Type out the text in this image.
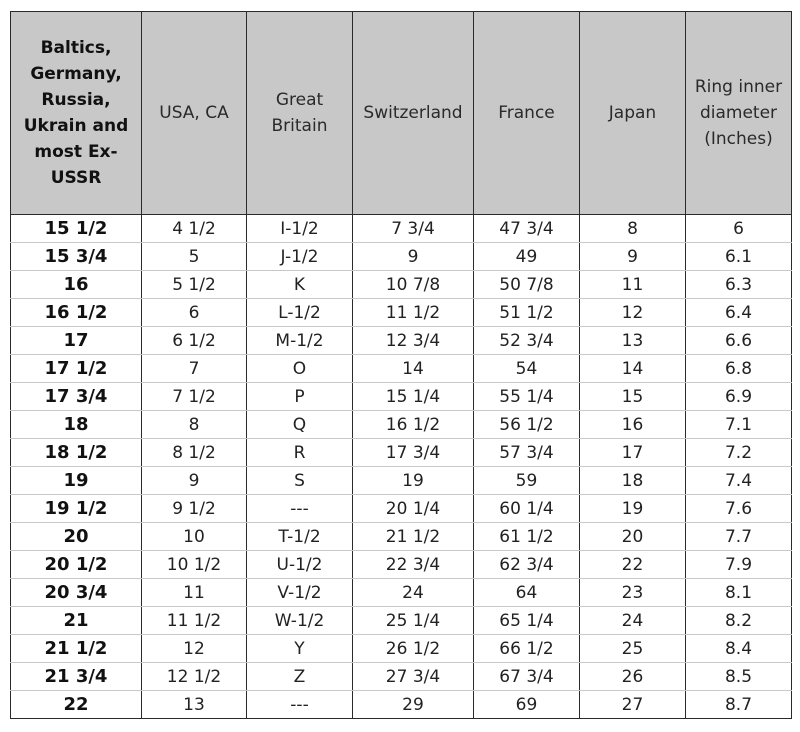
Baltics, Germany, Russia, Ukrain and most Ex-USSR	USA, CA	Great Britain	Switzerland	France	Japan	Ring inner diameter (Inches)
15 1/2	4 1/2	I-1/2	7 3/4	47 3/4	8	6
15 3/4	5	J-1/2	9	49	9	6.1
16	5 1/2	K	10 7/8	50 7/8	11	6.3
16 1/2	6	L-1/2	11 1/2	51 1/2	12	6.4
17	6 1/2	M-1/2	12 3/4	52 3/4	13	6.6
17 1/2	7	O	14	54	14	6.8
17 3/4	7 1/2	P	15 1/4	55 1/4	15	6.9
18	8	Q	16 1/2	56 1/2	16	7.1
18 1/2	8 1/2	R	17 3/4	57 3/4	17	7.2
19	9	S	19	59	18	7.4
19 1/2	9 1/2	---	20 1/4	60 1/4	19	7.6
20	10	T-1/2	21 1/2	61 1/2	20	7.7
20 1/2	10 1/2	U-1/2	22 3/4	62 3/4	22	7.9
20 3/4	11	V-1/2	24	64	23	8.1
21	11 1/2	W-1/2	25 1/4	65 1/4	24	8.2
21 1/2	12	Y	26 1/2	66 1/2	25	8.4
21 3/4	12 1/2	Z	27 3/4	67 3/4	26	8.5
22	13	---	29	69	27	8.7
